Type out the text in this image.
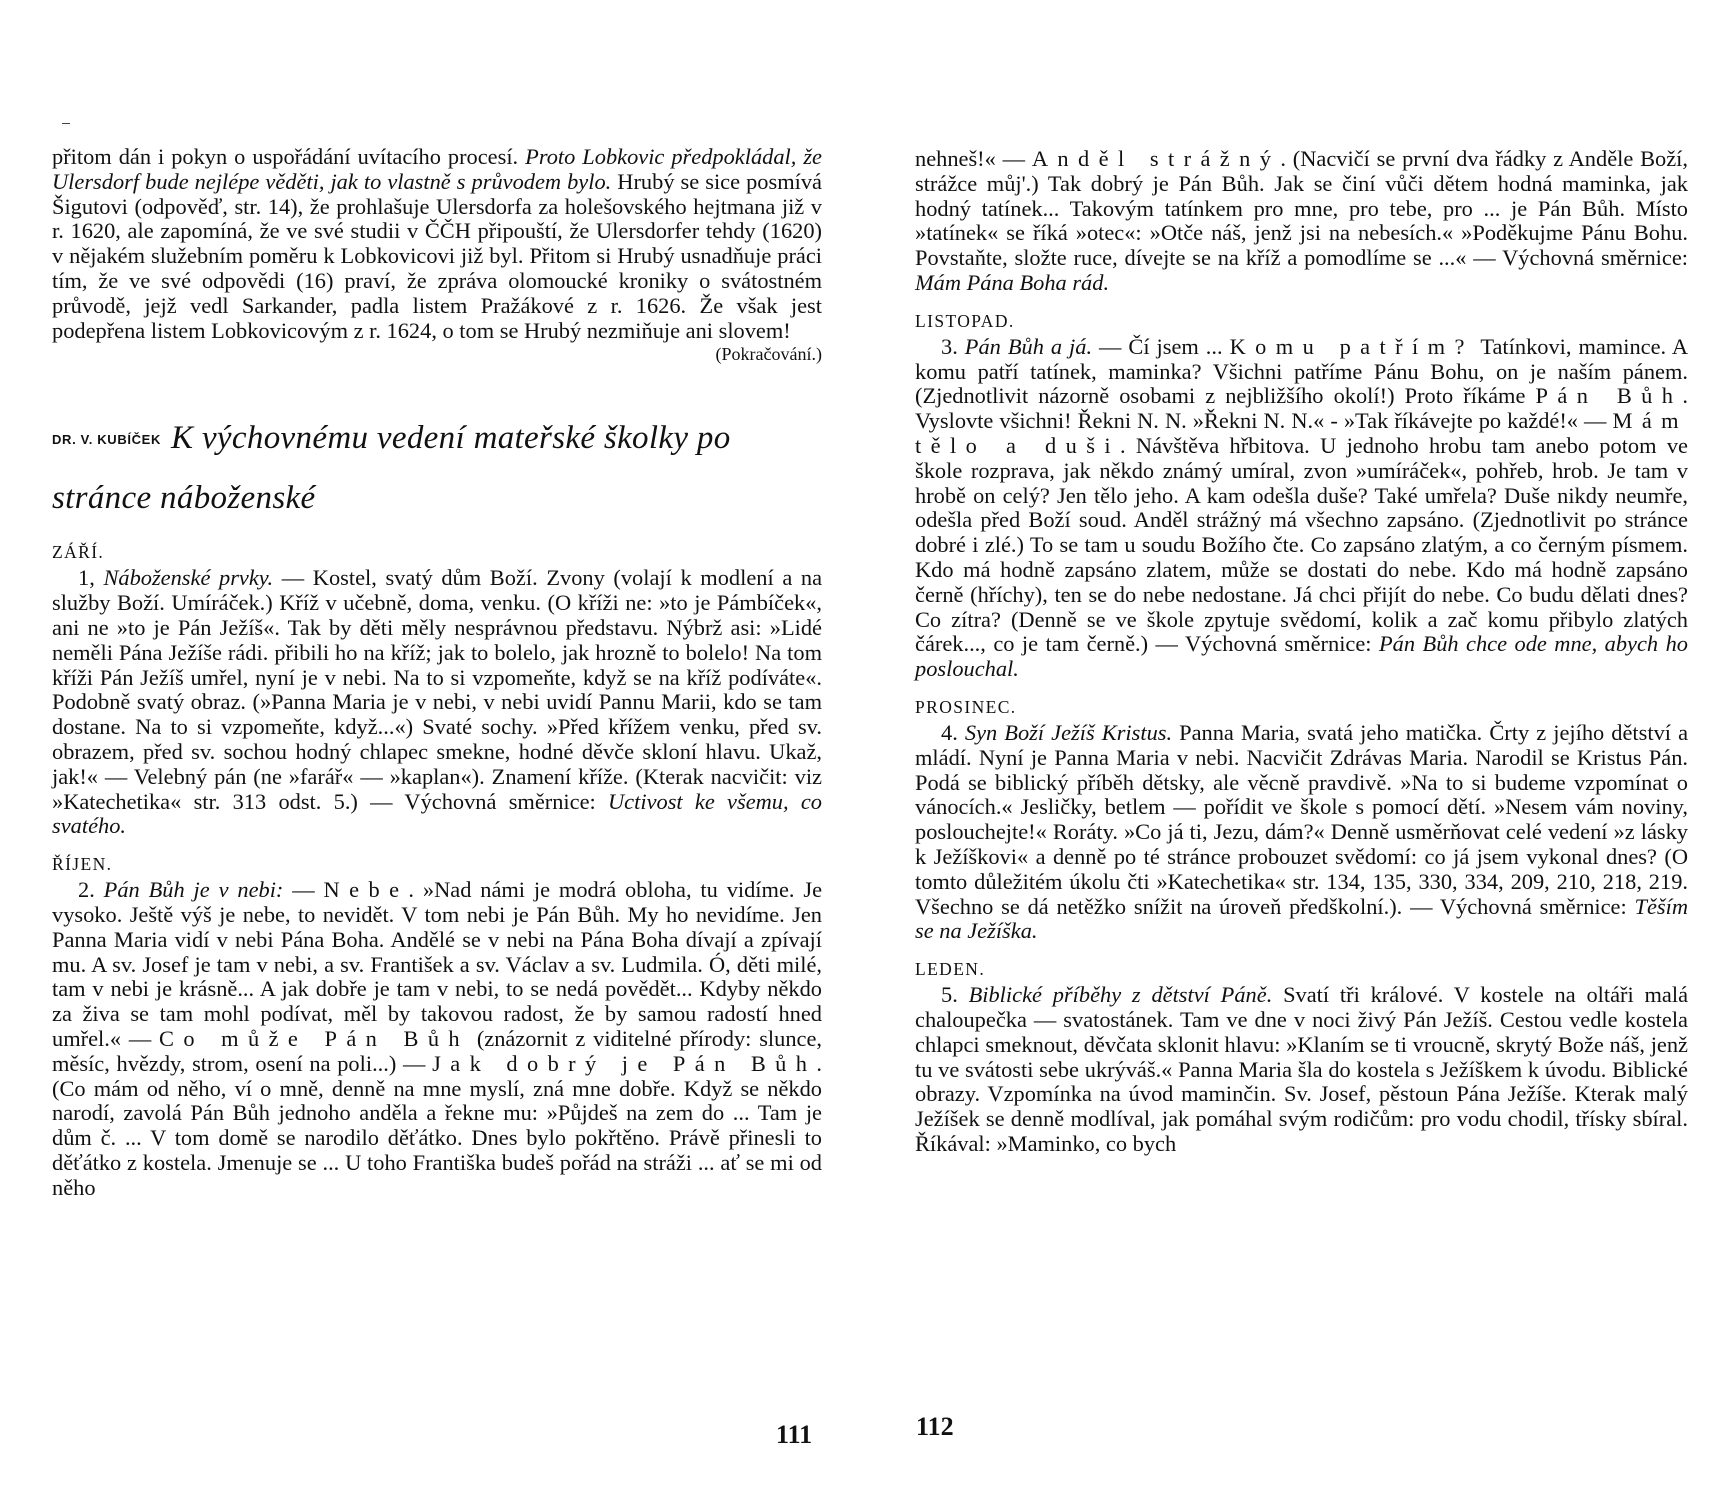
přitom dán i pokyn o uspořádání uvítacího procesí. Proto Lobkovic předpokládal, že Ulersdorf bude nejlépe věděti, jak to vlastně s průvodem bylo. Hrubý se sice posmívá Šigutovi (odpověď, str. 14), že prohlašuje Ulersdorfa za holešovského hejtmana již v r. 1620, ale zapomíná, že ve své studii v ČČH připouští, že Ulersdorfer tehdy (1620) v nějakém služebním poměru k Lobkovicovi již byl. Přitom si Hrubý usnadňuje práci tím, že ve své odpovědi (16) praví, že zpráva olomoucké kroniky o svátostném průvodě, jejž vedl Sarkander, padla listem Pražákové z r. 1626. Že však jest podepřena listem Lobkovicovým z r. 1624, o tom se Hrubý nezmiňuje ani slovem!

(Pokračování.)

DR. V. KUBÍČEK K výchovnému vedení mateřské školky po stránce náboženské
ZÁŘÍ.

1, Náboženské prvky. — Kostel, svatý dům Boží. Zvony (volají k modlení a na služby Boží. Umíráček.) Kříž v učebně, doma, venku. (O kříži ne: »to je Pámbíček«, ani ne »to je Pán Ježíš«. Tak by děti měly nesprávnou představu. Nýbrž asi: »Lidé neměli Pána Ježíše rádi. přibili ho na kříž; jak to bolelo, jak hrozně to bolelo! Na tom kříži Pán Ježíš umřel, nyní je v nebi. Na to si vzpomeňte, když se na kříž podíváte«. Podobně svatý obraz. (»Panna Maria je v nebi, v nebi uvidí Pannu Marii, kdo se tam dostane. Na to si vzpomeňte, když...«) Svaté sochy. »Před křížem venku, před sv. obrazem, před sv. sochou hodný chlapec smekne, hodné děvče skloní hlavu. Ukaž, jak!« — Velebný pán (ne »farář« — »kaplan«). Znamení kříže. (Kterak nacvičit: viz »Katechetika« str. 313 odst. 5.) — Výchovná směrnice: Uctivost ke všemu, co svatého.

ŘÍJEN.

2. Pán Bůh je v nebi: — Nebe. »Nad námi je modrá obloha, tu vidíme. Je vysoko. Ještě výš je nebe, to nevidět. V tom nebi je Pán Bůh. My ho nevidíme. Jen Panna Maria vidí v nebi Pána Boha. Andělé se v nebi na Pána Boha dívají a zpívají mu. A sv. Josef je tam v nebi, a sv. František a sv. Václav a sv. Ludmila. Ó, děti milé, tam v nebi je krásně... A jak dobře je tam v nebi, to se nedá povědět... Kdyby někdo za živa se tam mohl podívat, měl by takovou radost, že by samou radostí hned umřel.« — Co může Pán Bůh (znázornit z viditelné přírody: slunce, měsíc, hvězdy, strom, osení na poli...) — Jak dobrý je Pán Bůh. (Co mám od něho, ví o mně, denně na mne myslí, zná mne dobře. Když se někdo narodí, zavolá Pán Bůh jednoho anděla a řekne mu: »Půjdeš na zem do ... Tam je dům č. ... V tom domě se narodilo děťátko. Dnes bylo pokřtěno. Právě přinesli to děťátko z kostela. Jmenuje se ... U toho Františka budeš pořád na stráži ... ať se mi od něho

111

nehneš!« — Anděl strážný. (Nacvičí se první dva řádky z Anděle Boží, strážce můj'.) Tak dobrý je Pán Bůh. Jak se činí vůči dětem hodná maminka, jak hodný tatínek... Takovým tatínkem pro mne, pro tebe, pro ... je Pán Bůh. Místo »tatínek« se říká »otec«: »Otče náš, jenž jsi na nebesích.« »Poděkujme Pánu Bohu. Povstaňte, složte ruce, dívejte se na kříž a pomodlíme se ...« — Výchovná směrnice: Mám Pána Boha rád.

LISTOPAD.

3. Pán Bůh a já. — Čí jsem ... Komu patřím? Tatínkovi, mamince. A komu patří tatínek, maminka? Všichni patříme Pánu Bohu, on je naším pánem. (Zjednotlivit názorně osobami z nejbližšího okolí!) Proto říkáme Pán Bůh. Vyslovte všichni! Řekni N. N. »Řekni N. N.« - »Tak říkávejte po každé!« — Mám tělo a duši. Návštěva hřbitova. U jednoho hrobu tam anebo potom ve škole rozprava, jak někdo známý umíral, zvon »umíráček«, pohřeb, hrob. Je tam v hrobě on celý? Jen tělo jeho. A kam odešla duše? Také umřela? Duše nikdy neumře, odešla před Boží soud. Anděl strážný má všechno zapsáno. (Zjednotlivit po stránce dobré i zlé.) To se tam u soudu Božího čte. Co zapsáno zlatým, a co černým písmem. Kdo má hodně zapsáno zlatem, může se dostati do nebe. Kdo má hodně zapsáno černě (hříchy), ten se do nebe nedostane. Já chci přijít do nebe. Co budu dělati dnes? Co zítra? (Denně se ve škole zpytuje svědomí, kolik a zač komu přibylo zlatých čárek..., co je tam černě.) — Výchovná směrnice: Pán Bůh chce ode mne, abych ho poslouchal.

PROSINEC.

4. Syn Boží Ježíš Kristus. Panna Maria, svatá jeho matička. Črty z jejího dětství a mládí. Nyní je Panna Maria v nebi. Nacvičit Zdrávas Maria. Narodil se Kristus Pán. Podá se biblický příběh dětsky, ale věcně pravdivě. »Na to si budeme vzpomínat o vánocích.« Jesličky, betlem — pořídit ve škole s pomocí dětí. »Nesem vám noviny, poslouchejte!« Roráty. »Co já ti, Jezu, dám?« Denně usměrňovat celé vedení »z lásky k Ježíškovi« a denně po té stránce probouzet svědomí: co já jsem vykonal dnes? (O tomto důležitém úkolu čti »Katechetika« str. 134, 135, 330, 334, 209, 210, 218, 219. Všechno se dá netěžko snížit na úroveň předškolní.). — Výchovná směrnice: Těším se na Ježíška.

LEDEN.

5. Biblické příběhy z dětství Páně. Svatí tři králové. V kostele na oltáři malá chaloupečka — svatostánek. Tam ve dne v noci živý Pán Ježíš. Cestou vedle kostela chlapci smeknout, děvčata sklonit hlavu: »Klaním se ti vroucně, skrytý Bože náš, jenž tu ve svátosti sebe ukrýváš.« Panna Maria šla do kostela s Ježíškem k úvodu. Biblické obrazy. Vzpomínka na úvod maminčin. Sv. Josef, pěstoun Pána Ježíše. Kterak malý Ježíšek se denně modlíval, jak pomáhal svým rodičům: pro vodu chodil, třísky sbíral. Říkával: »Maminko, co bych

112
